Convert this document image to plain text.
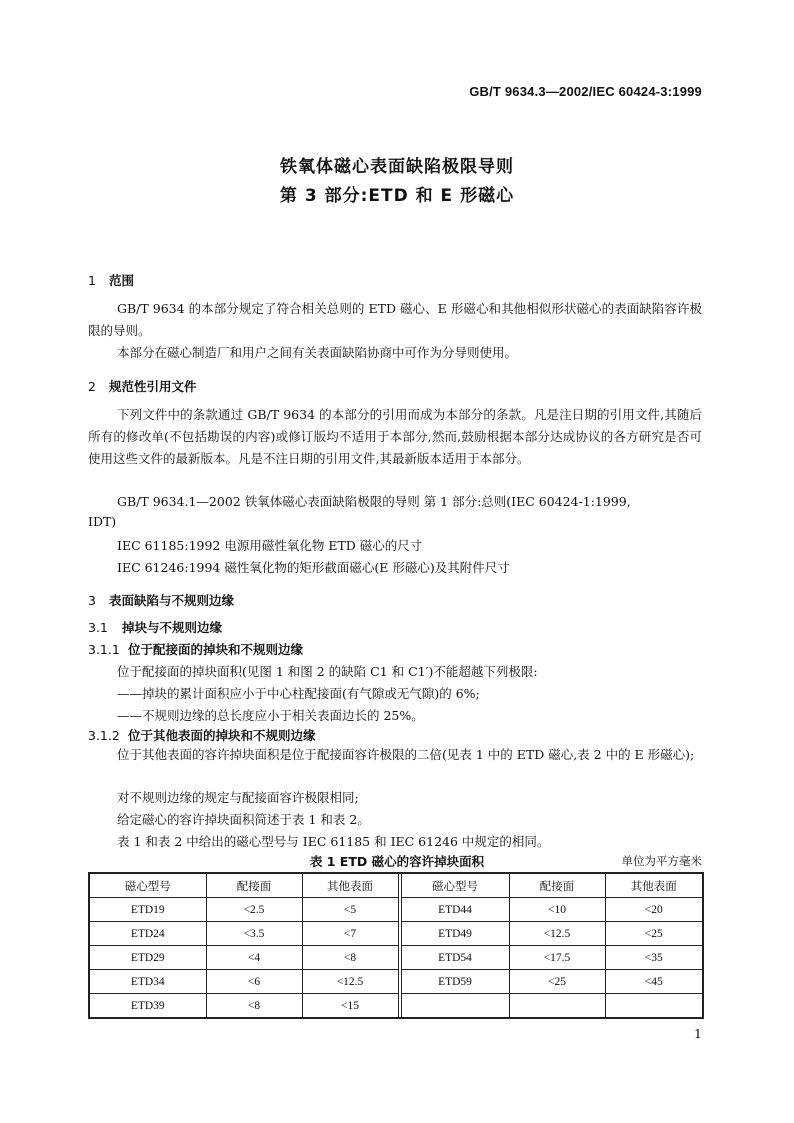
GB/T 9634.3—2002/IEC 60424-3:1999
铁氧体磁心表面缺陷极限导则
第 3 部分:ETD 和 E 形磁心
1 范围
GB/T 9634 的本部分规定了符合相关总则的 ETD 磁心、E 形磁心和其他相似形状磁心的表面缺陷容许极限的导则。
本部分在磁心制造厂和用户之间有关表面缺陷协商中可作为分导则使用。
2 规范性引用文件
下列文件中的条款通过 GB/T 9634 的本部分的引用而成为本部分的条款。凡是注日期的引用文件,其随后所有的修改单(不包括勘误的内容)或修订版均不适用于本部分,然而,鼓励根据本部分达成协议的各方研究是否可使用这些文件的最新版本。凡是不注日期的引用文件,其最新版本适用于本部分。
GB/T 9634.1—2002 铁氧体磁心表面缺陷极限的导则 第 1 部分:总则(IEC 60424-1:1999,
IDT)
IEC 61185:1992 电源用磁性氧化物 ETD 磁心的尺寸
IEC 61246:1994 磁性氧化物的矩形截面磁心(E 形磁心)及其附件尺寸
3 表面缺陷与不规则边缘
3.1 掉块与不规则边缘
3.1.1 位于配接面的掉块和不规则边缘
位于配接面的掉块面积(见图 1 和图 2 的缺陷 C1 和 C1′)不能超越下列极限:
——掉块的累计面积应小于中心柱配接面(有气隙或无气隙)的 6%;
——不规则边缘的总长度应小于相关表面边长的 25%。
3.1.2 位于其他表面的掉块和不规则边缘
位于其他表面的容许掉块面积是位于配接面容许极限的二倍(见表 1 中的 ETD 磁心,表 2 中的 E 形磁心);
对不规则边缘的规定与配接面容许极限相同;
给定磁心的容许掉块面积简述于表 1 和表 2。
表 1 和表 2 中给出的磁心型号与 IEC 61185 和 IEC 61246 中规定的相同。
表 1 ETD 磁心的容许掉块面积	单位为平方毫米
磁心型号	配接面	其他表面		磁心型号	配接面	其他表面
ETD19	<2.5	<5		ETD44	<10	<20
ETD24	<3.5	<7		ETD49	<12.5	<25
ETD29	<4	<8		ETD54	<17.5	<35
ETD34	<6	<12.5		ETD59	<25	<45
ETD39	<8	<15				
1
